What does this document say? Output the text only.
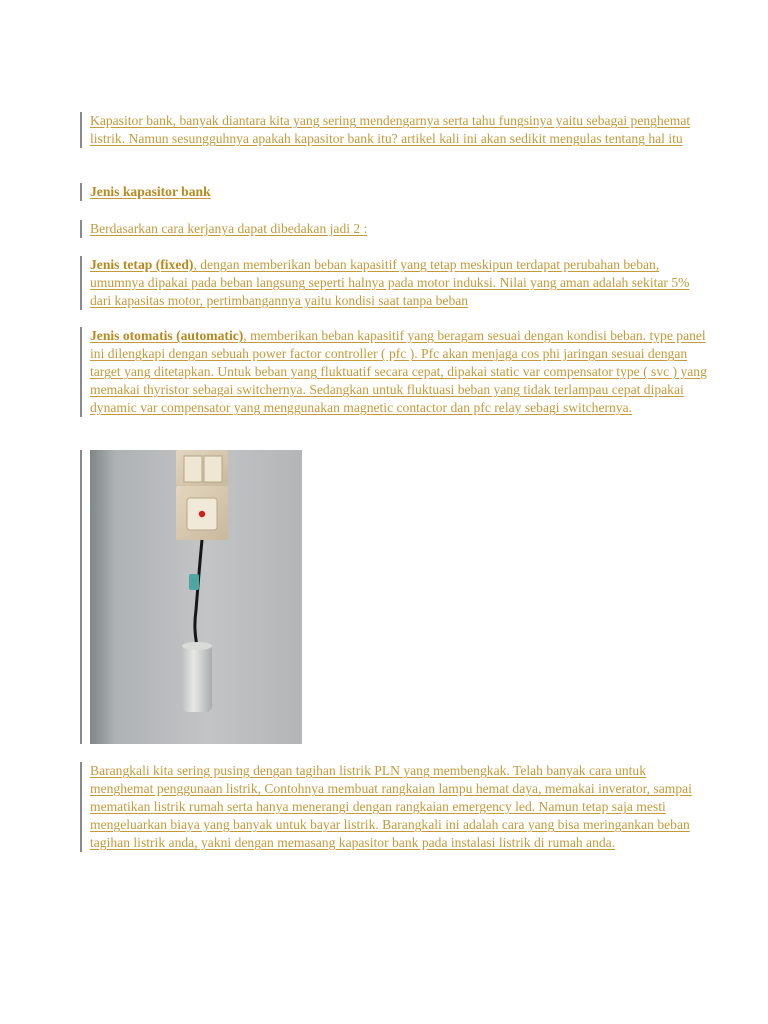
Kapasitor bank, banyak diantara kita yang sering mendengarnya serta tahu fungsinya yaitu sebagai penghemat listrik. Namun sesungguhnya apakah kapasitor bank itu? artikel kali ini akan sedikit mengulas tentang hal itu
Jenis kapasitor bank
Berdasarkan cara kerjanya dapat dibedakan jadi 2 :
Jenis tetap (fixed), dengan memberikan beban kapasitif yang tetap meskipun terdapat perubahan beban, umumnya dipakai pada beban langsung seperti halnya pada motor induksi. Nilai yang aman adalah sekitar 5% dari kapasitas motor, pertimbangannya yaitu kondisi saat tanpa beban
Jenis otomatis (automatic), memberikan beban kapasitif yang beragam sesuai dengan kondisi beban. type panel ini dilengkapi dengan sebuah power factor controller ( pfc ). Pfc akan menjaga cos phi jaringan sesuai dengan target yang ditetapkan. Untuk beban yang fluktuatif secara cepat, dipakai static var compensator type ( svc ) yang memakai thyristor sebagai switchernya. Sedangkan untuk fluktuasi beban yang tidak terlampau cepat dipakai dynamic var compensator yang menggunakan magnetic contactor dan pfc relay sebagi switchernya.
Barangkali kita sering pusing dengan tagihan listrik PLN yang membengkak. Telah banyak cara untuk menghemat penggunaan listrik, Contohnya membuat rangkaian lampu hemat daya, memakai inverator, sampai mematikan listrik rumah serta hanya menerangi dengan rangkaian emergency led. Namun tetap saja mesti mengeluarkan biaya yang banyak untuk bayar listrik. Barangkali ini adalah cara yang bisa meringankan beban tagihan listrik anda, yakni dengan memasang kapasitor bank pada instalasi listrik di rumah anda.
